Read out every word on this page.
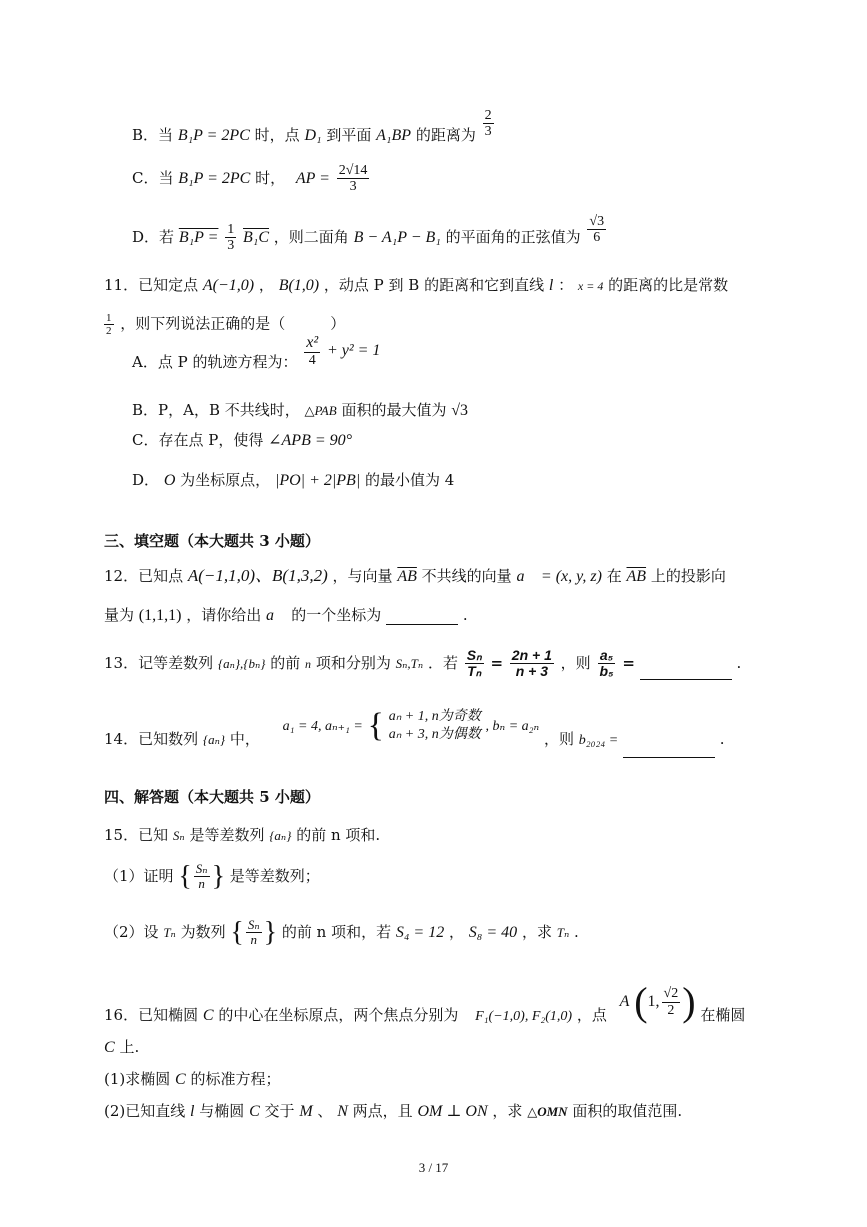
B．当 B₁P = 2PC 时，点 D₁ 到平面 A₁BP 的距离为 $\frac{2}{3}$
C．当 B₁P = 2PC 时， AP = $\frac{2√14}{3}$
D．若 $B_1P = \frac{1}{3} B_1C$ ，则二面角 B − A₁P − B₁ 的平面角的正弦值为 $\frac{√3}{6}$
11．已知定点 A(−1,0) ， B(1,0) ，动点 P 到 B 的距离和它到直线 l ： x = 4 的距离的比是常数
$\frac{1}{2}$ ，则下列说法正确的是（　　　）
A．点 P 的轨迹方程为： $\frac{\text{x²}}{4} + y^2 = 1$
B．P，A，B 不共线时， △PAB 面积的最大值为 √3
C．存在点 P，使得 ∠APB = 90°
D． O 为坐标原点， |PO| + 2|PB| 的最小值为 4
三、填空题（本大题共 3 小题）
12．已知点 A(−1,1,0)、B(1,3,2) ，与向量 $\overline{AB}$ 不共线的向量 a⃗ = (x, y, z) 在 $\overline{AB}$ 上的投影向
量为 (1,1,1) ，请你给出 a⃗ 的一个坐标为	.
13．记等差数列 {aₙ},{bₙ} 的前 n 项和分别为 Sₙ,Tₙ ．若 $\frac{\text{Sₙ}}{\text{Tₙ}} = \frac{2n + 1}{n + 3}$ ，则 $\frac{\text{a₅}}{\text{b₅}}$ =	.
14．已知数列 {aₙ} 中， a₁ = 4, aₙ₊₁ = { aₙ + 1, n为奇数
aₙ + 3, n为偶数
, bₙ = a₂ₙ ，则 b₂₀₂₄ =	.
四、解答题（本大题共 5 小题）
15．已知 Sₙ 是等差数列 {aₙ} 的前 n 项和.
（1）证明 { $\frac{\text{Sₙ}}{n}$ } 是等差数列；
（2）设 Tₙ 为数列 { $\frac{\text{Sₙ}}{n}$ } 的前 n 项和，若 S₄ = 12 ， S₈ = 40 ，求 Tₙ .
16．已知椭圆 C 的中心在坐标原点，两个焦点分别为 F₁(−1,0), F₂(1,0) ，点 A (1, $\frac{√2}{2}$ ) 在椭圆
C 上.
(1)求椭圆 C 的标准方程；
(2)已知直线 l 与椭圆 C 交于 M 、 N 两点，且 OM ⊥ ON ，求 △OMN 面积的取值范围.
3 / 17
